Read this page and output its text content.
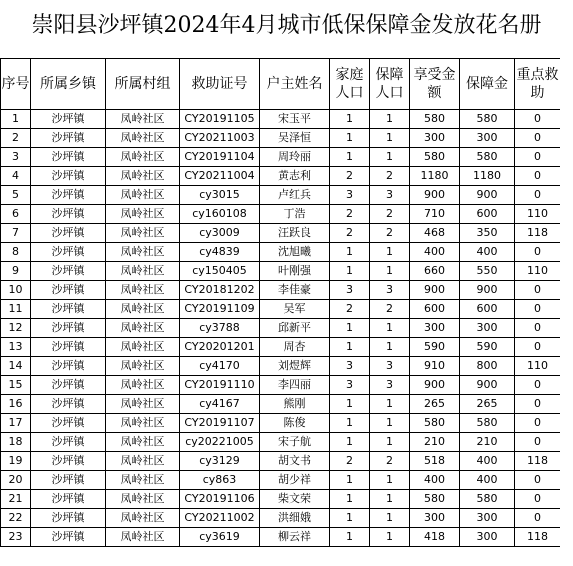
崇阳县沙坪镇2024年4月城市低保保障金发放花名册
序号	所属乡镇	所属村组	救助证号	户主姓名	家庭人口	保障人口	享受金额	保障金	重点救助
1	沙坪镇	凤岭社区	CY20191105	宋玉平	1	1	580	580	0
2	沙坪镇	凤岭社区	CY20211003	吴泽恒	1	1	300	300	0
3	沙坪镇	凤岭社区	CY20191104	周玲丽	1	1	580	580	0
4	沙坪镇	凤岭社区	CY20211004	黄志利	2	2	1180	1180	0
5	沙坪镇	凤岭社区	cy3015	卢红兵	3	3	900	900	0
6	沙坪镇	凤岭社区	cy160108	丁浩	2	2	710	600	110
7	沙坪镇	凤岭社区	cy3009	汪跃良	2	2	468	350	118
8	沙坪镇	凤岭社区	cy4839	沈旭曦	1	1	400	400	0
9	沙坪镇	凤岭社区	cy150405	叶刚强	1	1	660	550	110
10	沙坪镇	凤岭社区	CY20181202	李佳豪	3	3	900	900	0
11	沙坪镇	凤岭社区	CY20191109	吴军	2	2	600	600	0
12	沙坪镇	凤岭社区	cy3788	邱新平	1	1	300	300	0
13	沙坪镇	凤岭社区	CY20201201	周杏	1	1	590	590	0
14	沙坪镇	凤岭社区	cy4170	刘煜辉	3	3	910	800	110
15	沙坪镇	凤岭社区	CY20191110	李四丽	3	3	900	900	0
16	沙坪镇	凤岭社区	cy4167	熊刚	1	1	265	265	0
17	沙坪镇	凤岭社区	CY20191107	陈俊	1	1	580	580	0
18	沙坪镇	凤岭社区	cy20221005	宋子航	1	1	210	210	0
19	沙坪镇	凤岭社区	cy3129	胡文书	2	2	518	400	118
20	沙坪镇	凤岭社区	cy863	胡少祥	1	1	400	400	0
21	沙坪镇	凤岭社区	CY20191106	柴文荣	1	1	580	580	0
22	沙坪镇	凤岭社区	CY20211002	洪细娥	1	1	300	300	0
23	沙坪镇	凤岭社区	cy3619	柳云祥	1	1	418	300	118
